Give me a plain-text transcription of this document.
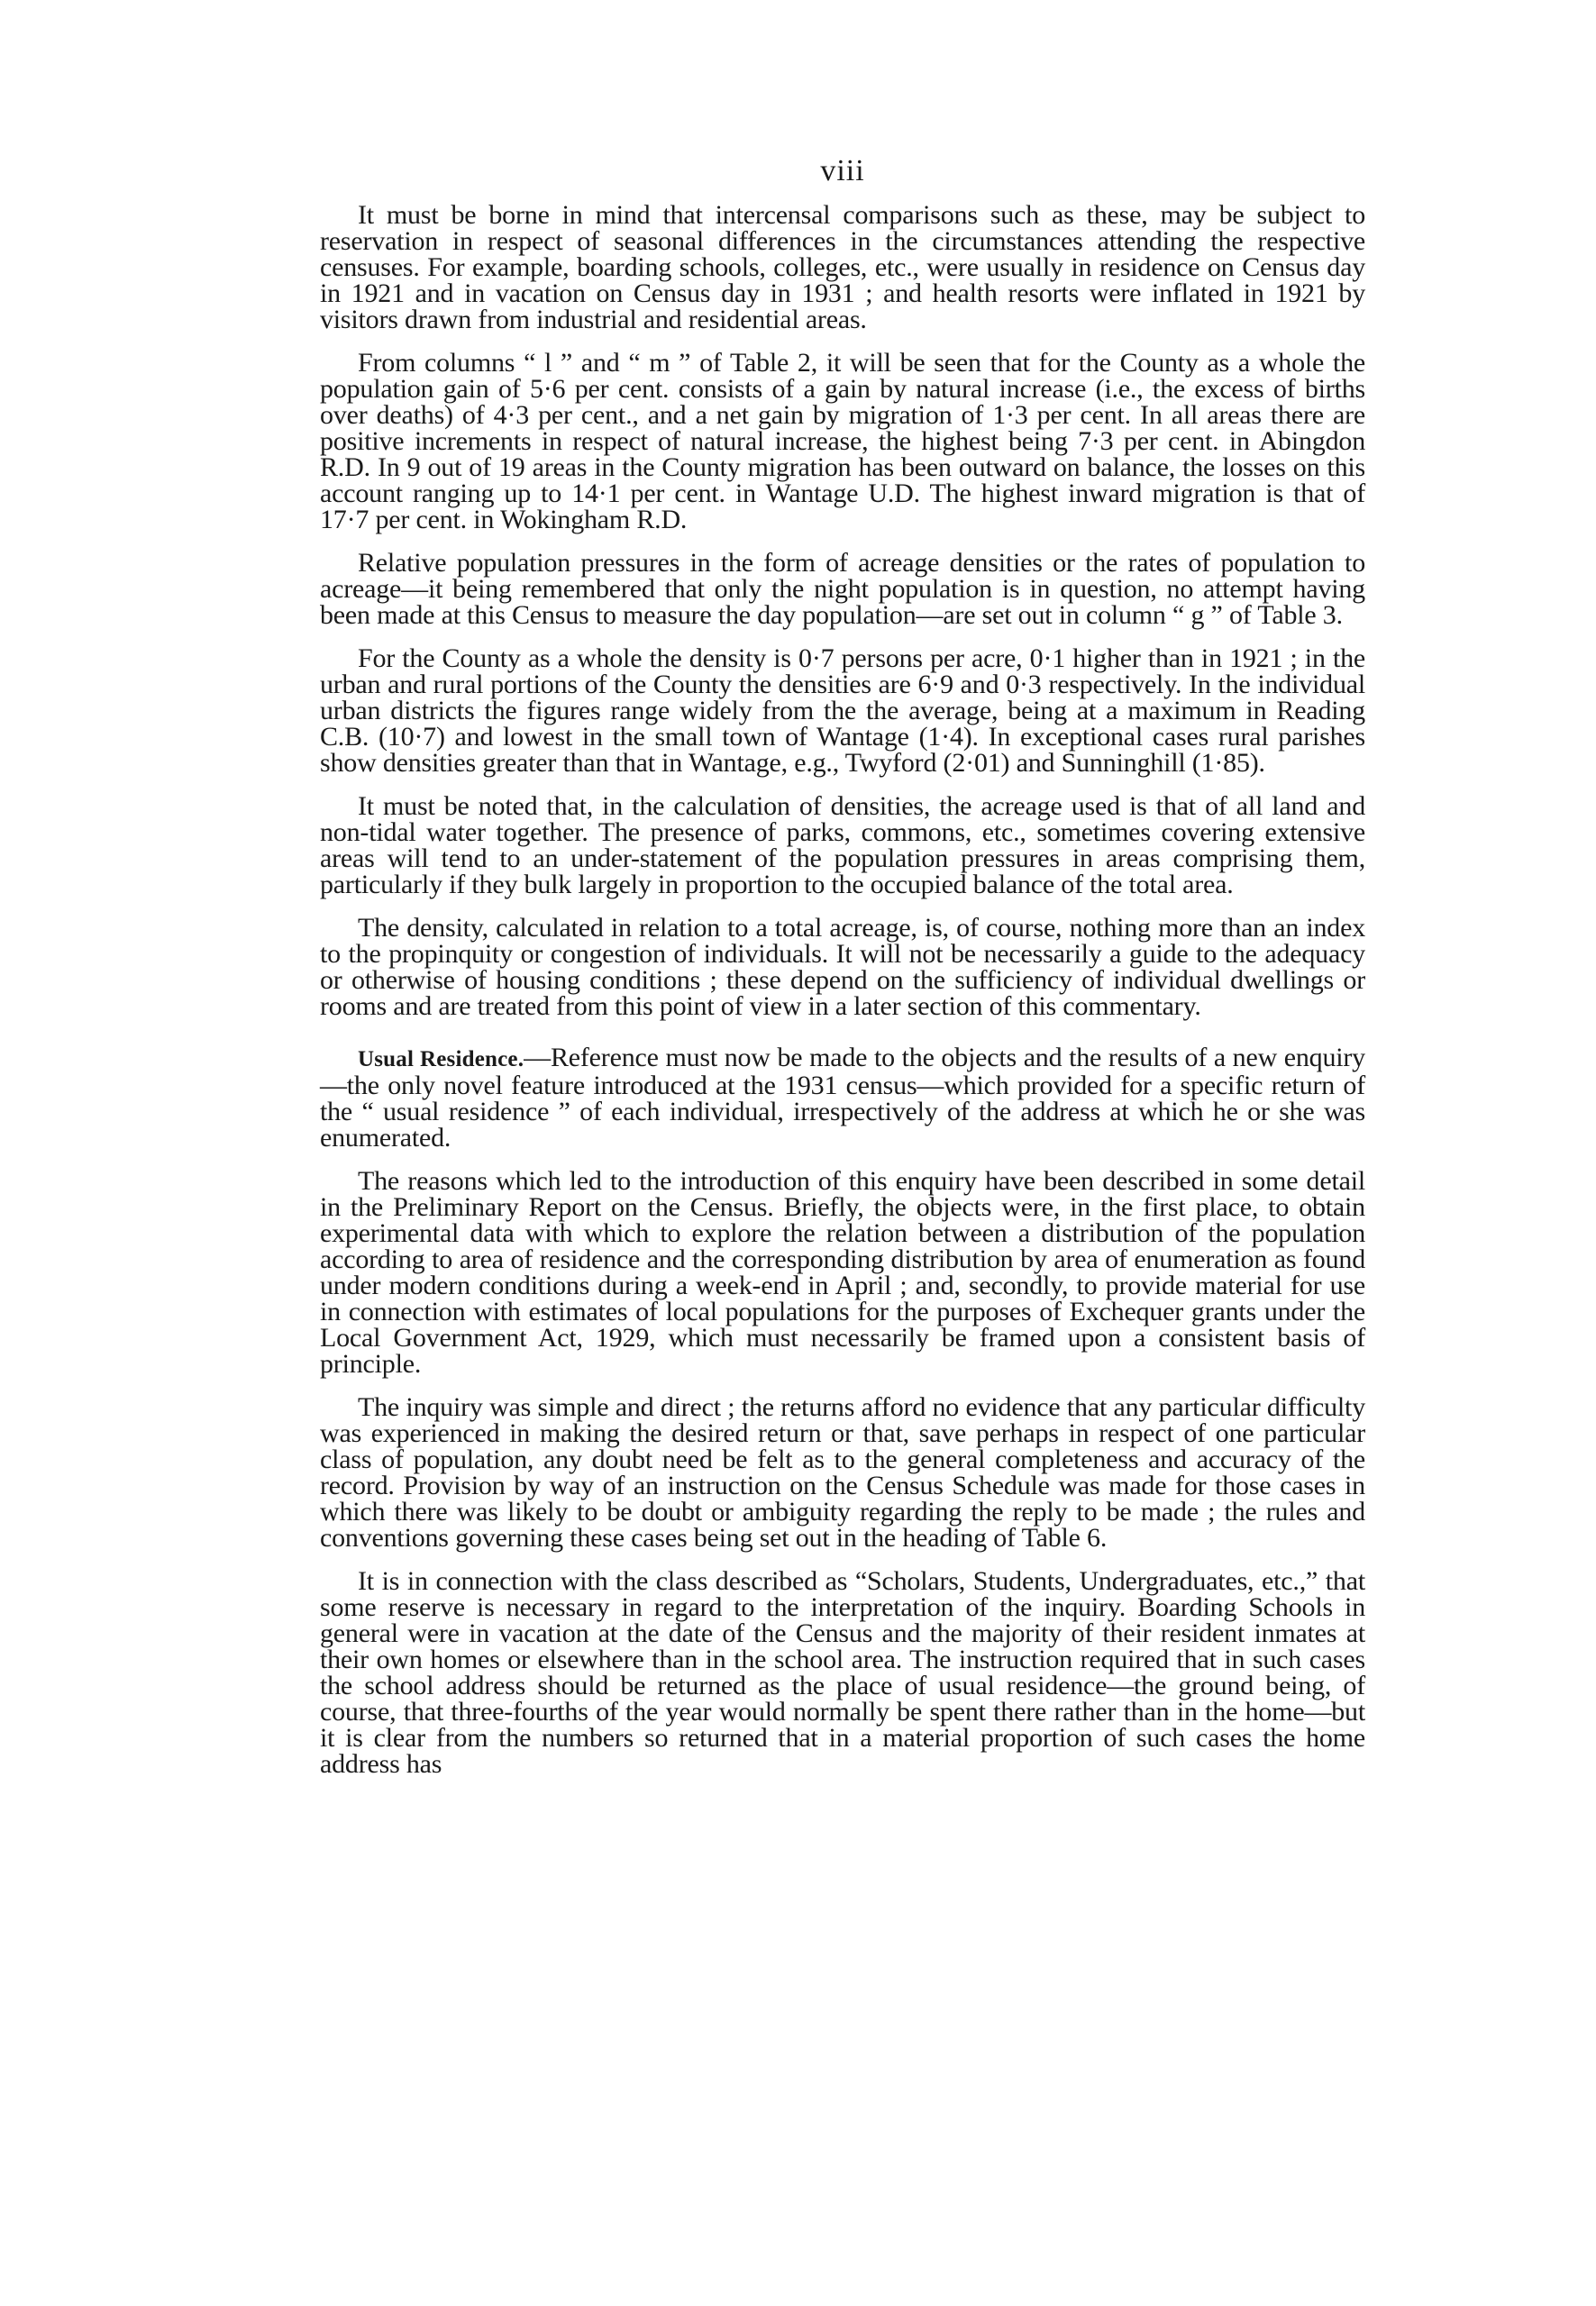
viii

It must be borne in mind that intercensal comparisons such as these, may be subject to reservation in respect of seasonal differences in the circumstances attending the respective censuses. For example, boarding schools, colleges, etc., were usually in residence on Census day in 1921 and in vacation on Census day in 1931 ; and health resorts were inflated in 1921 by visitors drawn from industrial and residential areas.

From columns “ l ” and “ m ” of Table 2, it will be seen that for the County as a whole the population gain of 5·6 per cent. consists of a gain by natural increase (i.e., the excess of births over deaths) of 4·3 per cent., and a net gain by migration of 1·3 per cent. In all areas there are positive increments in respect of natural increase, the highest being 7·3 per cent. in Abingdon R.D. In 9 out of 19 areas in the County migration has been outward on balance, the losses on this account ranging up to 14·1 per cent. in Wantage U.D. The highest inward migration is that of 17·7 per cent. in Wokingham R.D.

Relative population pressures in the form of acreage densities or the rates of population to acreage—it being remembered that only the night population is in question, no attempt having been made at this Census to measure the day population—are set out in column “ g ” of Table 3.

For the County as a whole the density is 0·7 persons per acre, 0·1 higher than in 1921 ; in the urban and rural portions of the County the densities are 6·9 and 0·3 respectively. In the individual urban districts the figures range widely from the the average, being at a maximum in Reading C.B. (10·7) and lowest in the small town of Wantage (1·4). In exceptional cases rural parishes show densities greater than that in Wantage, e.g., Twyford (2·01) and Sunninghill (1·85).

It must be noted that, in the calculation of densities, the acreage used is that of all land and non-tidal water together. The presence of parks, commons, etc., sometimes covering extensive areas will tend to an under-statement of the population pressures in areas comprising them, particularly if they bulk largely in proportion to the occupied balance of the total area.

The density, calculated in relation to a total acreage, is, of course, nothing more than an index to the propinquity or congestion of individuals. It will not be necessarily a guide to the adequacy or otherwise of housing conditions ; these depend on the sufficiency of individual dwellings or rooms and are treated from this point of view in a later section of this commentary.

Usual Residence.—Reference must now be made to the objects and the results of a new enquiry—the only novel feature introduced at the 1931 census—which provided for a specific return of the “ usual residence ” of each individual, irrespectively of the address at which he or she was enumerated.

The reasons which led to the introduction of this enquiry have been described in some detail in the Preliminary Report on the Census. Briefly, the objects were, in the first place, to obtain experimental data with which to explore the relation between a distribution of the population according to area of residence and the corresponding distribution by area of enumeration as found under modern conditions during a week-end in April ; and, secondly, to provide material for use in connection with estimates of local populations for the purposes of Exchequer grants under the Local Government Act, 1929, which must necessarily be framed upon a consistent basis of principle.

The inquiry was simple and direct ; the returns afford no evidence that any particular difficulty was experienced in making the desired return or that, save perhaps in respect of one particular class of population, any doubt need be felt as to the general completeness and accuracy of the record. Provision by way of an instruction on the Census Schedule was made for those cases in which there was likely to be doubt or ambiguity regarding the reply to be made ; the rules and conventions governing these cases being set out in the heading of Table 6.

It is in connection with the class described as “Scholars, Students, Undergraduates, etc.,” that some reserve is necessary in regard to the interpretation of the inquiry. Boarding Schools in general were in vacation at the date of the Census and the majority of their resident inmates at their own homes or elsewhere than in the school area. The instruction required that in such cases the school address should be returned as the place of usual residence—the ground being, of course, that three-fourths of the year would normally be spent there rather than in the home—but it is clear from the numbers so returned that in a material proportion of such cases the home address has
